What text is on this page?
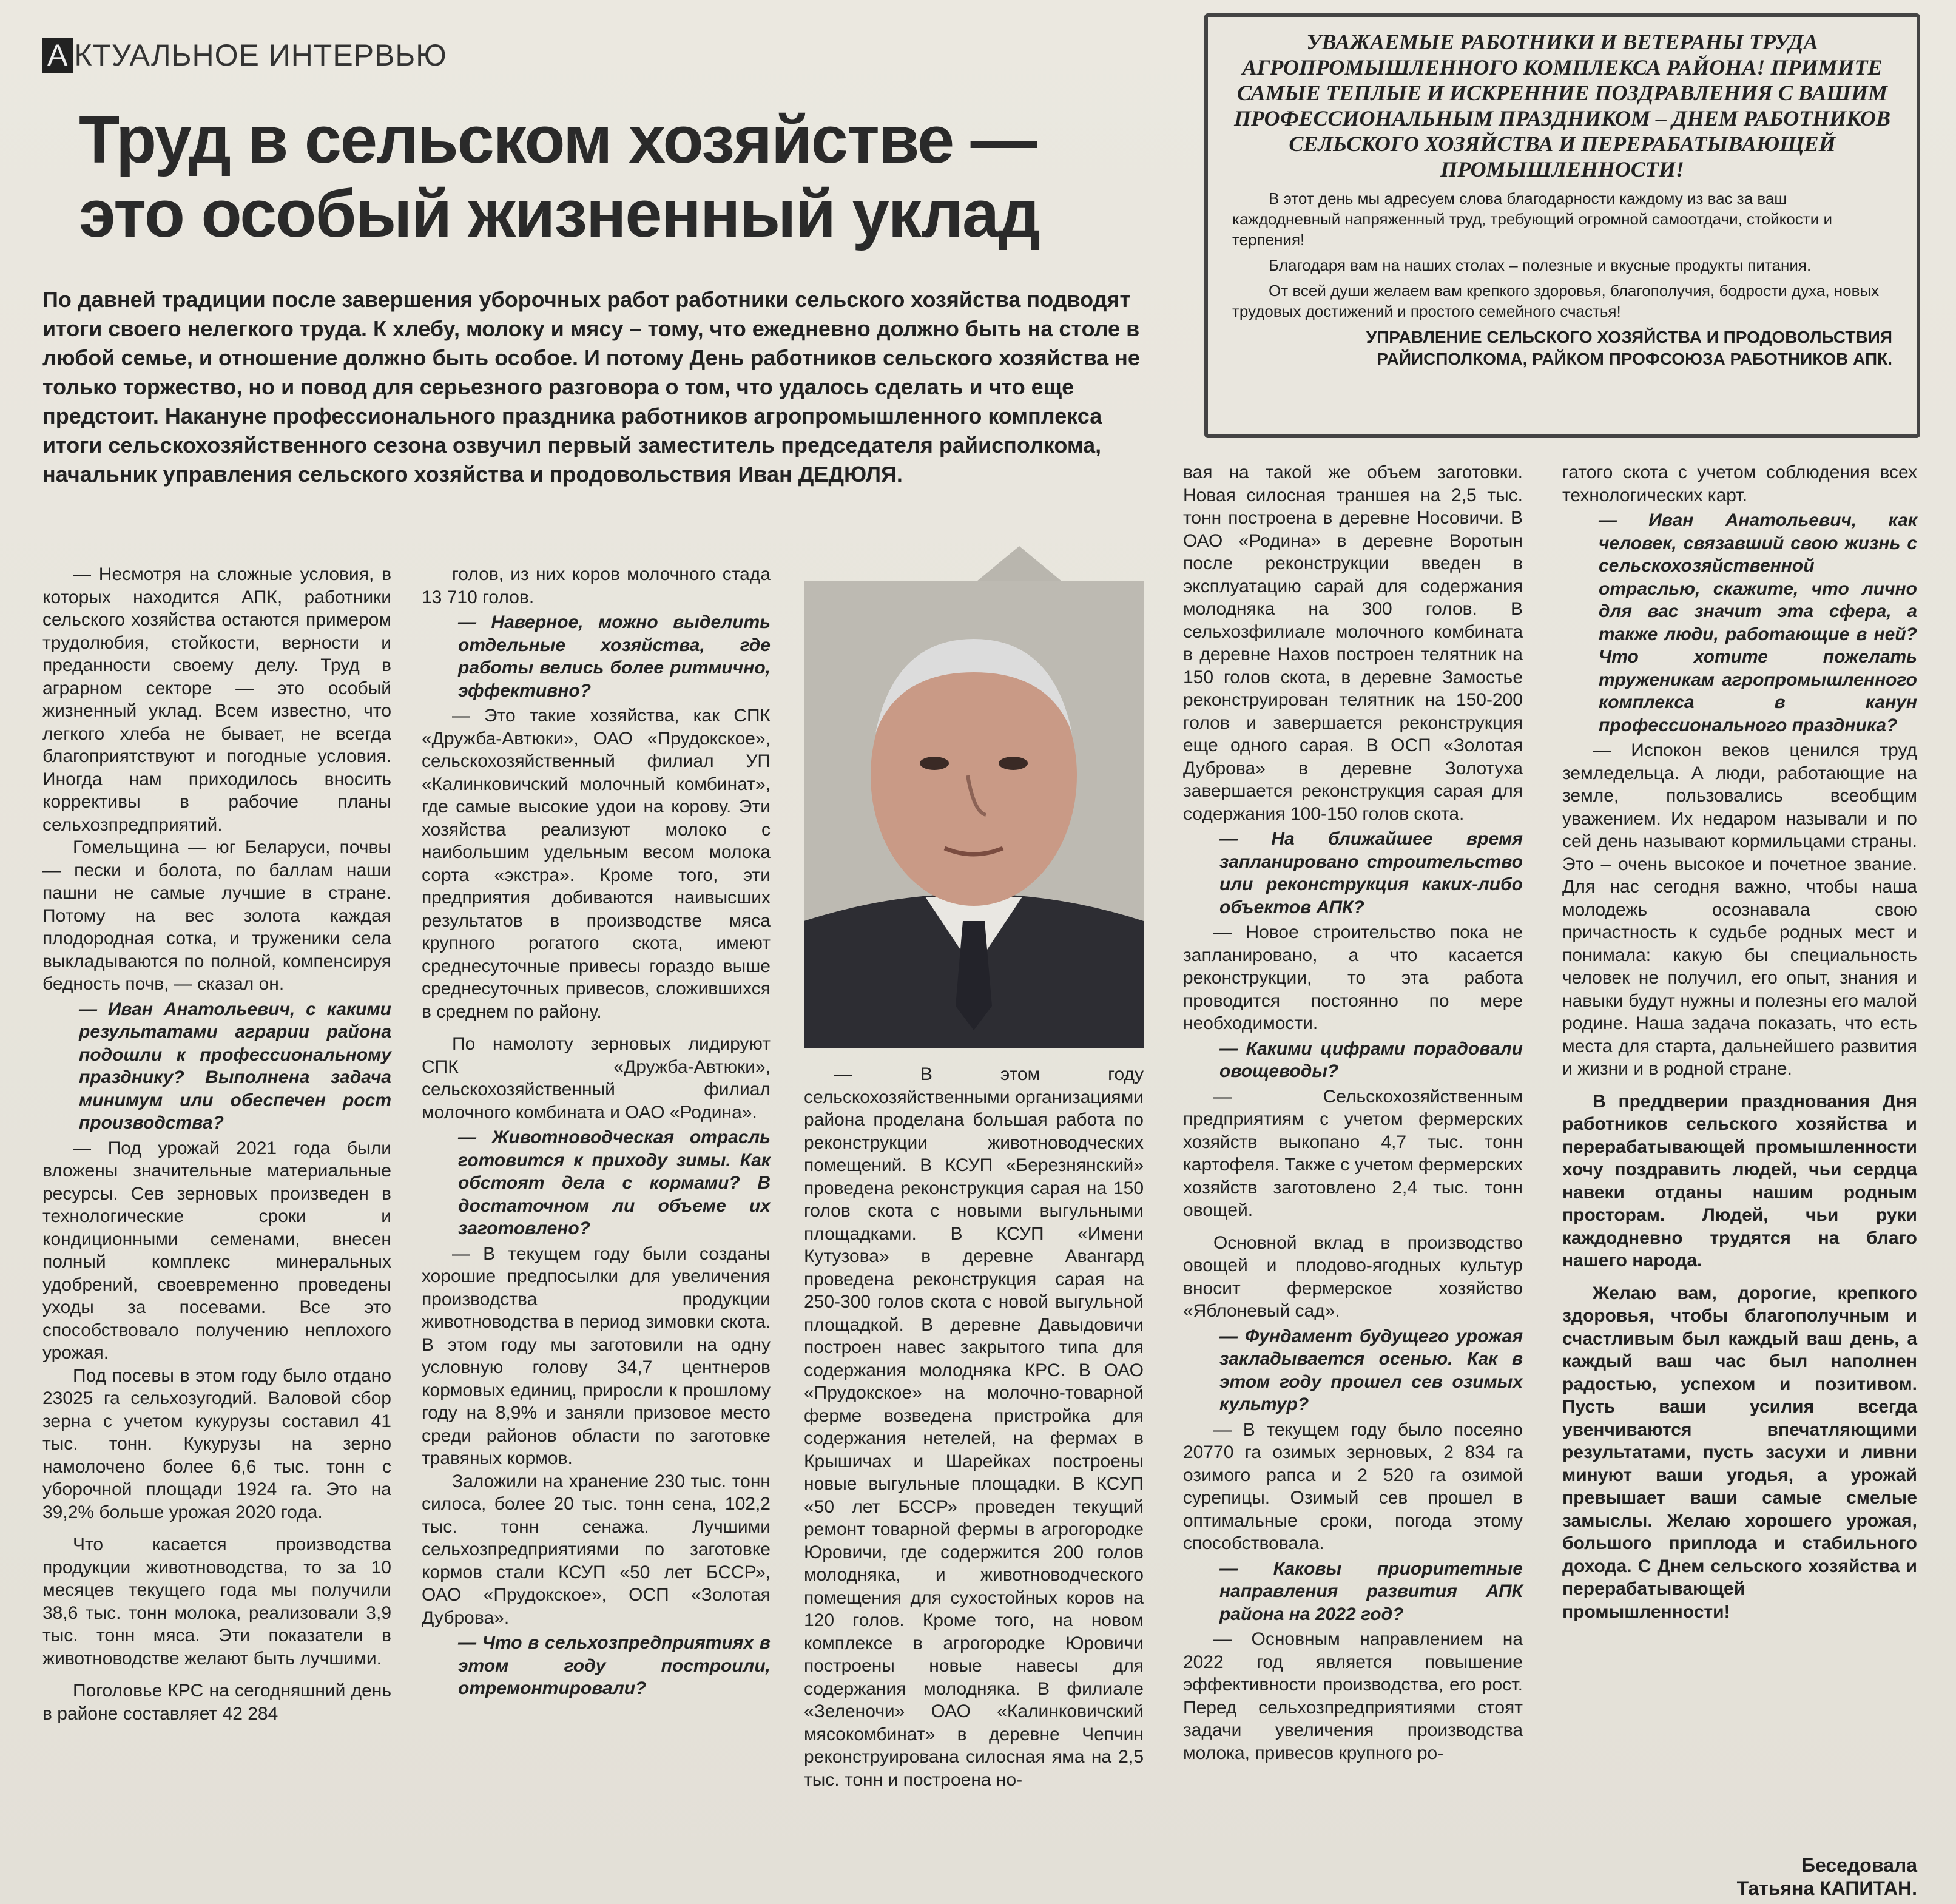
А КТУАЛЬНОЕ ИНТЕРВЬЮ
Труд в сельском хозяйстве —
это особый жизненный уклад
По давней традиции после завершения уборочных работ работники сельского хозяйства подводят итоги своего нелегкого труда. К хлебу, молоку и мясу – тому, что ежедневно должно быть на столе в любой семье, и отношение должно быть особое. И потому День работников сельского хозяйства не только торжество, но и повод для серьезного разговора о том, что удалось сделать и что еще предстоит. Накануне профессионального праздника работников агропромышленного комплекса итоги сельскохозяйственного сезона озвучил первый заместитель председателя райисполкома, начальник управления сельского хозяйства и продовольствия Иван ДЕДЮЛЯ.
УВАЖАЕМЫЕ РАБОТНИКИ И ВЕТЕРАНЫ ТРУДА АГРОПРОМЫШЛЕННОГО КОМПЛЕКСА РАЙОНА! ПРИМИТЕ САМЫЕ ТЕПЛЫЕ И ИСКРЕННИЕ ПОЗДРАВЛЕНИЯ С ВАШИМ ПРОФЕССИОНАЛЬНЫМ ПРАЗДНИКОМ – ДНЕМ РАБОТНИКОВ СЕЛЬСКОГО ХОЗЯЙСТВА И ПЕРЕРАБАТЫВАЮЩЕЙ ПРОМЫШЛЕННОСТИ!

В этот день мы адресуем слова благодарности каждому из вас за ваш каждодневный напряженный труд, требующий огромной самоотдачи, стойкости и терпения!

Благодаря вам на наших столах – полезные и вкусные продукты питания.

От всей души желаем вам крепкого здоровья, благополучия, бодрости духа, новых трудовых достижений и простого семейного счастья!

УПРАВЛЕНИЕ СЕЛЬСКОГО ХОЗЯЙСТВА И ПРОДОВОЛЬСТВИЯ РАЙИСПОЛКОМА, РАЙКОМ ПРОФСОЮЗА РАБОТНИКОВ АПК.

— Несмотря на сложные условия, в которых находится АПК, работники сельского хозяйства остаются примером трудолюбия, стойкости, верности и преданности своему делу. Труд в аграрном секторе — это особый жизненный уклад. Всем известно, что легкого хлеба не бывает, не всегда благоприятствуют и погодные условия. Иногда нам приходилось вносить коррективы в рабочие планы сельхозпредприятий.

Гомельщина — юг Беларуси, почвы — пески и болота, по баллам наши пашни не самые лучшие в стране. Потому на вес золота каждая плодородная сотка, и труженики села выкладываются по полной, компенсируя бедность почв, — сказал он.

— Иван Анатольевич, с какими результатами аграрии района подошли к профессиональному празднику? Выполнена задача минимум или обеспечен рост производства?

— Под урожай 2021 года были вложены значительные материальные ресурсы. Сев зерновых произведен в технологические сроки и кондиционными семенами, внесен полный комплекс минеральных удобрений, своевременно проведены уходы за посевами. Все это способствовало получению неплохого урожая.

Под посевы в этом году было отдано 23025 га сельхозугодий. Валовой сбор зерна с учетом кукурузы составил 41 тыс. тонн. Кукурузы на зерно намолочено более 6,6 тыс. тонн с уборочной площади 1924 га. Это на 39,2% больше урожая 2020 года.

Что касается производства продукции животноводства, то за 10 месяцев текущего года мы получили 38,6 тыс. тонн молока, реализовали 3,9 тыс. тонн мяса. Эти показатели в животноводстве желают быть лучшими.

Поголовье КРС на сегодняшний день в районе составляет 42 284

голов, из них коров молочного стада 13 710 голов.

— Наверное, можно выделить отдельные хозяйства, где работы велись более ритмично, эффективно?

— Это такие хозяйства, как СПК «Дружба-Автюки», ОАО «Прудокское», сельскохозяйственный филиал УП «Калинковичский молочный комбинат», где самые высокие удои на корову. Эти хозяйства реализуют молоко с наибольшим удельным весом молока сорта «экстра». Кроме того, эти предприятия добиваются наивысших результатов в производстве мяса крупного рогатого скота, имеют среднесуточные привесы гораздо выше среднесуточных привесов, сложившихся в среднем по району.

По намолоту зерновых лидируют СПК «Дружба-Автюки», сельскохозяйственный филиал молочного комбината и ОАО «Родина».

— Животноводческая отрасль готовится к приходу зимы. Как обстоят дела с кормами? В достаточном ли объеме их заготовлено?

— В текущем году были созданы хорошие предпосылки для увеличения производства продукции животноводства в период зимовки скота. В этом году мы заготовили на одну условную голову 34,7 центнеров кормовых единиц, приросли к прошлому году на 8,9% и заняли призовое место среди районов области по заготовке травяных кормов.

Заложили на хранение 230 тыс. тонн силоса, более 20 тыс. тонн сена, 102,2 тыс. тонн сенажа. Лучшими сельхозпредприятиями по заготовке кормов стали КСУП «50 лет БССР», ОАО «Прудокское», ОСП «Золотая Дуброва».

— Что в сельхозпредприятиях в этом году построили, отремонтировали?

— В этом году сельскохозяйственными организациями района проделана большая работа по реконструкции животноводческих помещений. В КСУП «Березнянский» проведена реконструкция сарая на 150 голов скота с новыми выгульными площадками. В КСУП «Имени Кутузова» в деревне Авангард проведена реконструкция сарая на 250-300 голов скота с новой выгульной площадкой. В деревне Давыдовичи построен навес закрытого типа для содержания молодняка КРС. В ОАО «Прудокское» на молочно-товарной ферме возведена пристройка для содержания нетелей, на фермах в Крышичах и Шарейках построены новые выгульные площадки. В КСУП «50 лет БССР» проведен текущий ремонт товарной фермы в агрогородке Юровичи, где содержится 200 голов молодняка, и животноводческого помещения для сухостойных коров на 120 голов. Кроме того, на новом комплексе в агрогородке Юровичи построены новые навесы для содержания молодняка. В филиале «Зеленочи» ОАО «Калинковичский мясокомбинат» в деревне Чепчин реконструирована силосная яма на 2,5 тыс. тонн и построена но-

вая на такой же объем заготовки. Новая силосная траншея на 2,5 тыс. тонн построена в деревне Носовичи. В ОАО «Родина» в деревне Воротын после реконструкции введен в эксплуатацию сарай для содержания молодняка на 300 голов. В сельхозфилиале молочного комбината в деревне Нахов построен телятник на 150 голов скота, в деревне Замостье реконструирован телятник на 150-200 голов и завершается реконструкция еще одного сарая. В ОСП «Золотая Дуброва» в деревне Золотуха завершается реконструкция сарая для содержания 100-150 голов скота.

— На ближайшее время запланировано строительство или реконструкция каких-либо объектов АПК?

— Новое строительство пока не запланировано, а что касается реконструкции, то эта работа проводится постоянно по мере необходимости.

— Какими цифрами порадовали овощеводы?

— Сельскохозяйственным предприятиям с учетом фермерских хозяйств выкопано 4,7 тыс. тонн картофеля. Также с учетом фермерских хозяйств заготовлено 2,4 тыс. тонн овощей.

Основной вклад в производство овощей и плодово-ягодных культур вносит фермерское хозяйство «Яблоневый сад».

— Фундамент будущего урожая закладывается осенью. Как в этом году прошел сев озимых культур?

— В текущем году было посеяно 20770 га озимых зерновых, 2 834 га озимого рапса и 2 520 га озимой сурепицы. Озимый сев прошел в оптимальные сроки, погода этому способствовала.

— Каковы приоритетные направления развития АПК района на 2022 год?

— Основным направлением на 2022 год является повышение эффективности производства, его рост. Перед сельхозпредприятиями стоят задачи увеличения производства молока, привесов крупного ро-

гатого скота с учетом соблюдения всех технологических карт.

— Иван Анатольевич, как человек, связавший свою жизнь с сельскохозяйственной отраслью, скажите, что лично для вас значит эта сфера, а также люди, работающие в ней? Что хотите пожелать труженикам агропромышленного комплекса в канун профессионального праздника?

— Испокон веков ценился труд земледельца. А люди, работающие на земле, пользовались всеобщим уважением. Их недаром называли и по сей день называют кормильцами страны. Это – очень высокое и почетное звание. Для нас сегодня важно, чтобы наша молодежь осознавала свою причастность к судьбе родных мест и понимала: какую бы специальность человек не получил, его опыт, знания и навыки будут нужны и полезны его малой родине. Наша задача показать, что есть места для старта, дальнейшего развития и жизни и в родной стране.

В преддверии празднования Дня работников сельского хозяйства и перерабатывающей промышленности хочу поздравить людей, чьи сердца навеки отданы нашим родным просторам. Людей, чьи руки каждодневно трудятся на благо нашего народа.

Желаю вам, дорогие, крепкого здоровья, чтобы благополучным и счастливым был каждый ваш день, а каждый ваш час был наполнен радостью, успехом и позитивом. Пусть ваши усилия всегда увенчиваются впечатляющими результатами, пусть засухи и ливни минуют ваши угодья, а урожай превышает ваши самые смелые замыслы. Желаю хорошего урожая, большого приплода и стабильного дохода. С Днем сельского хозяйства и перерабатывающей промышленности!

Беседовала
Татьяна КАПИТАН.
